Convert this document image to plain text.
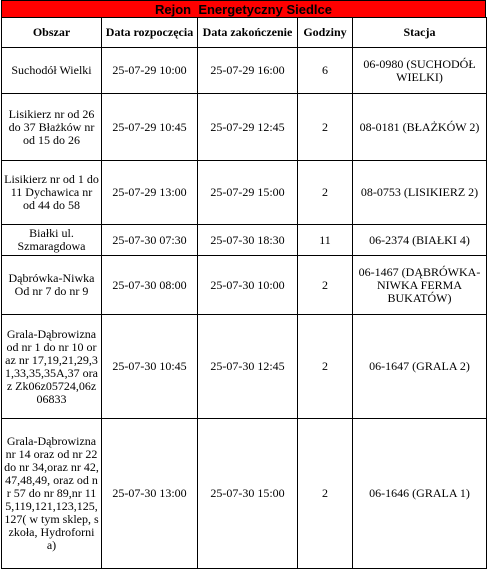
Rejon  Energetyczny Siedlce
Obszar	Data rozpoczęcia	Data zakończenie	Godziny	Stacja
Suchodół Wielki	25-07-29 10:00	25-07-29 16:00	6	06-0980 (SUCHODÓŁ WIELKI)
Lisikierz nr od 26 do 37 Błażków nr od 15 do 26	25-07-29 10:45	25-07-29 12:45	2	08-0181 (BŁAŻKÓW 2)
Lisikierz nr od 1 do 11 Dychawica nr od 44 do 58	25-07-29 13:00	25-07-29 15:00	2	08-0753 (LISIKIERZ 2)
Białki ul. Szmaragdowa	25-07-30 07:30	25-07-30 18:30	11	06-2374 (BIAŁKI 4)
Dąbrówka-Niwka Od nr 7 do nr 9	25-07-30 08:00	25-07-30 10:00	2	06-1467 (DĄBRÓWKA-NIWKA FERMA BUKATÓW)
Grala-Dąbrowizna od nr 1 do nr 10 oraz nr 17,19,21,29,31,33,35,35A,37 oraz Zk06z05724,06z06833	25-07-30 10:45	25-07-30 12:45	2	06-1647 (GRALA 2)
Grala-Dąbrowizna nr 14 oraz od nr 22 do nr 34,oraz nr 42,47,48,49, oraz od nr 57 do nr 89,nr 115,119,121,123,125,127( w tym sklep, szkoła, Hydrofornia)	25-07-30 13:00	25-07-30 15:00	2	06-1646 (GRALA 1)
